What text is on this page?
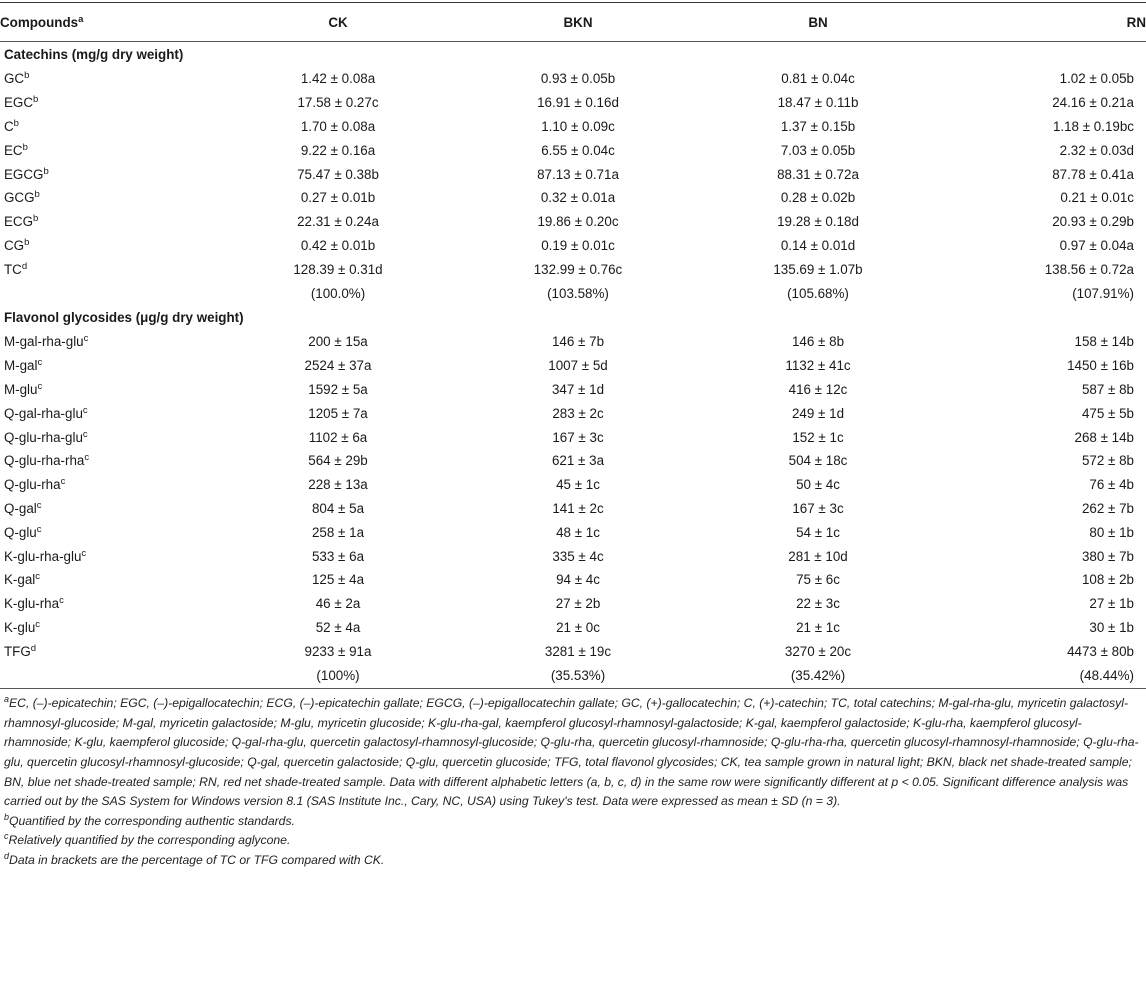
Compounds$^a$	CK	BKN	BN	RN
Catechins (mg/g dry weight)				
$GC^b$	1.42 ± 0.08a	0.93 ± 0.05b	0.81 ± 0.04c	1.02 ± 0.05b
EGC$^b$	17.58 ± 0.27c	16.91 ± 0.16d	18.47 ± 0.11b	24.16 ± 0.21a
$C^b$	1.70 ± 0.08a	1.10 ± 0.09c	1.37 ± 0.15b	1.18 ± 0.19bc
$EC^b$	9.22 ± 0.16a	6.55 ± 0.04c	7.03 ± 0.05b	2.32 ± 0.03d
EGCG$^b$	75.47 ± 0.38b	87.13 ± 0.71a	88.31 ± 0.72a	87.78 ± 0.41a
GCG$^b$	0.27 ± 0.01b	0.32 ± 0.01a	0.28 ± 0.02b	0.21 ± 0.01c
ECG$^b$	22.31 ± 0.24a	19.86 ± 0.20c	19.28 ± 0.18d	20.93 ± 0.29b
$CG^b$	0.42 ± 0.01b	0.19 ± 0.01c	0.14 ± 0.01d	0.97 ± 0.04a
$TC^d$	128.39 ± 0.31d	132.99 ± 0.76c	135.69 ± 1.07b	138.56 ± 0.72a
	(100.0%)	(103.58%)	(105.68%)	(107.91%)
Flavonol glycosides (μg/g dry weight)				
M-gal-rha-glu$^c$	200 ± 15a	146 ± 7b	146 ± 8b	158 ± 14b
M-gal$^c$	2524 ± 37a	1007 ± 5d	1132 ± 41c	1450 ± 16b
M-glu$^c$	1592 ± 5a	347 ± 1d	416 ± 12c	587 ± 8b
Q-gal-rha-glu$^c$	1205 ± 7a	283 ± 2c	249 ± 1d	475 ± 5b
Q-glu-rha-glu$^c$	1102 ± 6a	167 ± 3c	152 ± 1c	268 ± 14b
Q-glu-rha-rha$^c$	564 ± 29b	621 ± 3a	504 ± 18c	572 ± 8b
Q-glu-rha$^c$	228 ± 13a	45 ± 1c	50 ± 4c	76 ± 4b
Q-gal$^c$	804 ± 5a	141 ± 2c	167 ± 3c	262 ± 7b
Q-glu$^c$	258 ± 1a	48 ± 1c	54 ± 1c	80 ± 1b
K-glu-rha-glu$^c$	533 ± 6a	335 ± 4c	281 ± 10d	380 ± 7b
K-gal$^c$	125 ± 4a	94 ± 4c	75 ± 6c	108 ± 2b
K-glu-rha$^c$	46 ± 2a	27 ± 2b	22 ± 3c	27 ± 1b
K-glu$^c$	52 ± 4a	21 ± 0c	21 ± 1c	30 ± 1b
TFG$^d$	9233 ± 91a	3281 ± 19c	3270 ± 20c	4473 ± 80b
	(100%)	(35.53%)	(35.42%)	(48.44%)

$^a$EC, (–)-epicatechin; EGC, (–)-epigallocatechin; ECG, (–)-epicatechin gallate; EGCG, (–)-epigallocatechin gallate; GC, (+)-gallocatechin; C, (+)-catechin; TC, total catechins; M-gal-rha-glu, myricetin galactosyl-rhamnosyl-glucoside; M-gal, myricetin galactoside; M-glu, myricetin glucoside; K-glu-rha-gal, kaempferol glucosyl-rhamnosyl-galactoside; K-gal, kaempferol galactoside; K-glu-rha, kaempferol glucosyl-rhamnoside; K-glu, kaempferol glucoside; Q-gal-rha-glu, quercetin galactosyl-rhamnosyl-glucoside; Q-glu-rha, quercetin glucosyl-rhamnoside; Q-glu-rha-rha, quercetin glucosyl-rhamnosyl-rhamnoside; Q-glu-rha-glu, quercetin glucosyl-rhamnosyl-glucoside; Q-gal, quercetin galactoside; Q-glu, quercetin glucoside; TFG, total flavonol glycosides; CK, tea sample grown in natural light; BKN, black net shade-treated sample; BN, blue net shade-treated sample; RN, red net shade-treated sample. Data with different alphabetic letters (a, b, c, d) in the same row were significantly different at p < 0.05. Significant difference analysis was carried out by the SAS System for Windows version 8.1 (SAS Institute Inc., Cary, NC, USA) using Tukey's test. Data were expressed as mean ± SD (n = 3).

$^b$Quantified by the corresponding authentic standards.

$^c$Relatively quantified by the corresponding aglycone.

$^d$Data in brackets are the percentage of TC or TFG compared with CK.
